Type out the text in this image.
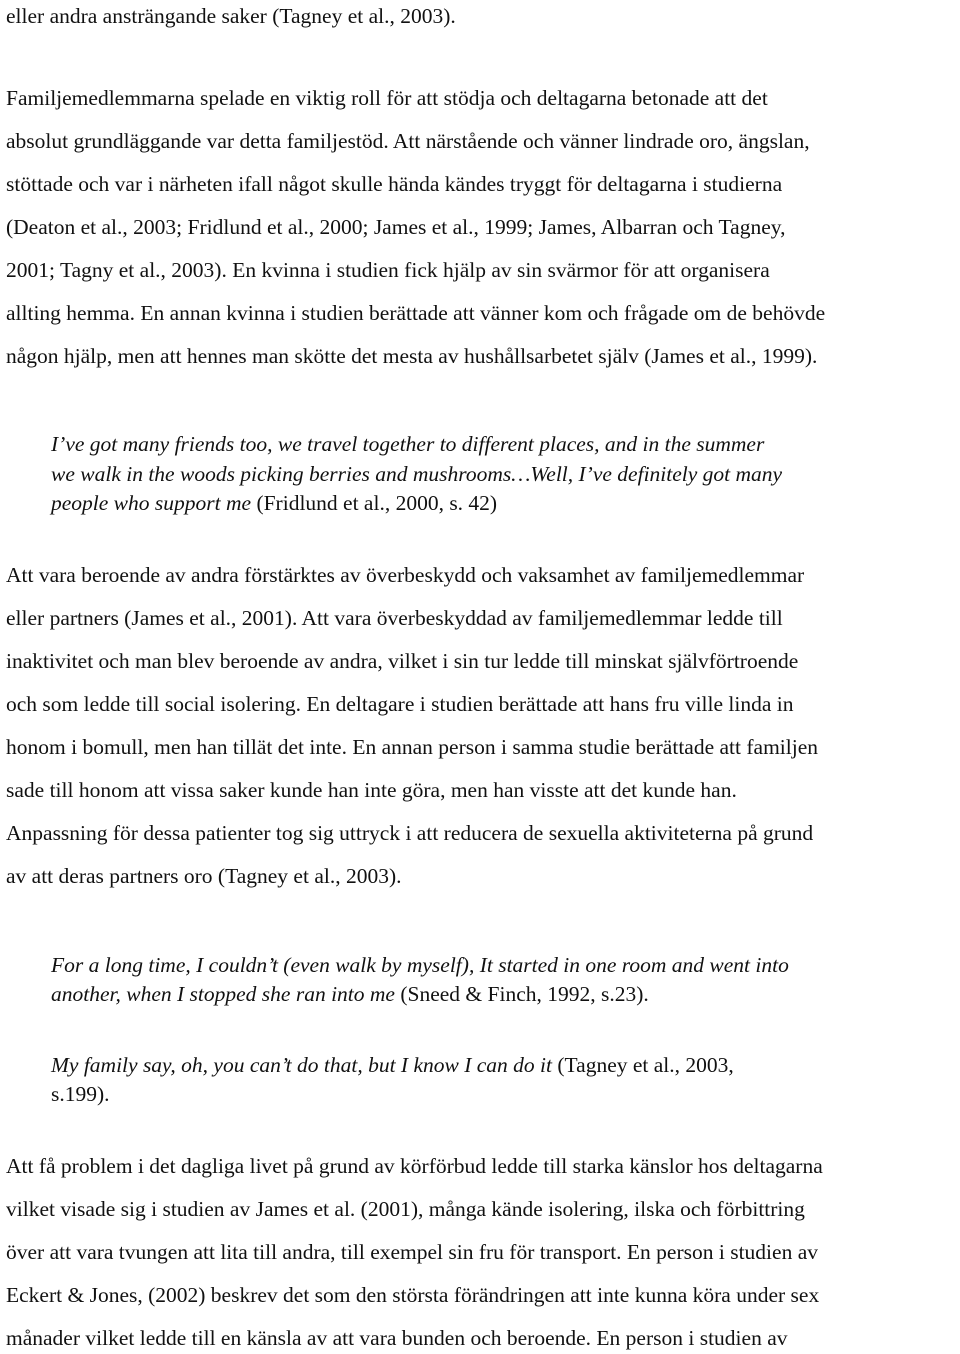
eller andra ansträngande saker (Tagney et al., 2003).
Familjemedlemmarna spelade en viktig roll för att stödja och deltagarna betonade att det
absolut grundläggande var detta familjestöd. Att närstående och vänner lindrade oro, ängslan,
stöttade och var i närheten ifall något skulle hända kändes tryggt för deltagarna i studierna
(Deaton et al., 2003; Fridlund et al., 2000; James et al., 1999; James, Albarran och Tagney,
2001; Tagny et al., 2003). En kvinna i studien fick hjälp av sin svärmor för att organisera
allting hemma. En annan kvinna i studien berättade att vänner kom och frågade om de behövde
någon hjälp, men att hennes man skötte det mesta av hushållsarbetet själv (James et al., 1999).
I’ve got many friends too, we travel together to different places, and in the summer
we walk in the woods picking berries and mushrooms…Well, I’ve definitely got many
people who support me (Fridlund et al., 2000, s. 42)
Att vara beroende av andra förstärktes av överbeskydd och vaksamhet av familjemedlemmar
eller partners (James et al., 2001). Att vara överbeskyddad av familjemedlemmar ledde till
inaktivitet och man blev beroende av andra, vilket i sin tur ledde till minskat självförtroende
och som ledde till social isolering. En deltagare i studien berättade att hans fru ville linda in
honom i bomull, men han tillät det inte. En annan person i samma studie berättade att familjen
sade till honom att vissa saker kunde han inte göra, men han visste att det kunde han.
Anpassning för dessa patienter tog sig uttryck i att reducera de sexuella aktiviteterna på grund
av att deras partners oro (Tagney et al., 2003).
For a long time, I couldn’t (even walk by myself), It started in one room and went into
another, when I stopped she ran into me (Sneed & Finch, 1992, s.23).
My family say, oh, you can’t do that, but I know I can do it (Tagney et al., 2003,
s.199).
Att få problem i det dagliga livet på grund av körförbud ledde till starka känslor hos deltagarna
vilket visade sig i studien av James et al. (2001), många kände isolering, ilska och förbittring
över att vara tvungen att lita till andra, till exempel sin fru för transport. En person i studien av
Eckert & Jones, (2002) beskrev det som den största förändringen att inte kunna köra under sex
månader vilket ledde till en känsla av att vara bunden och beroende. En person i studien av
